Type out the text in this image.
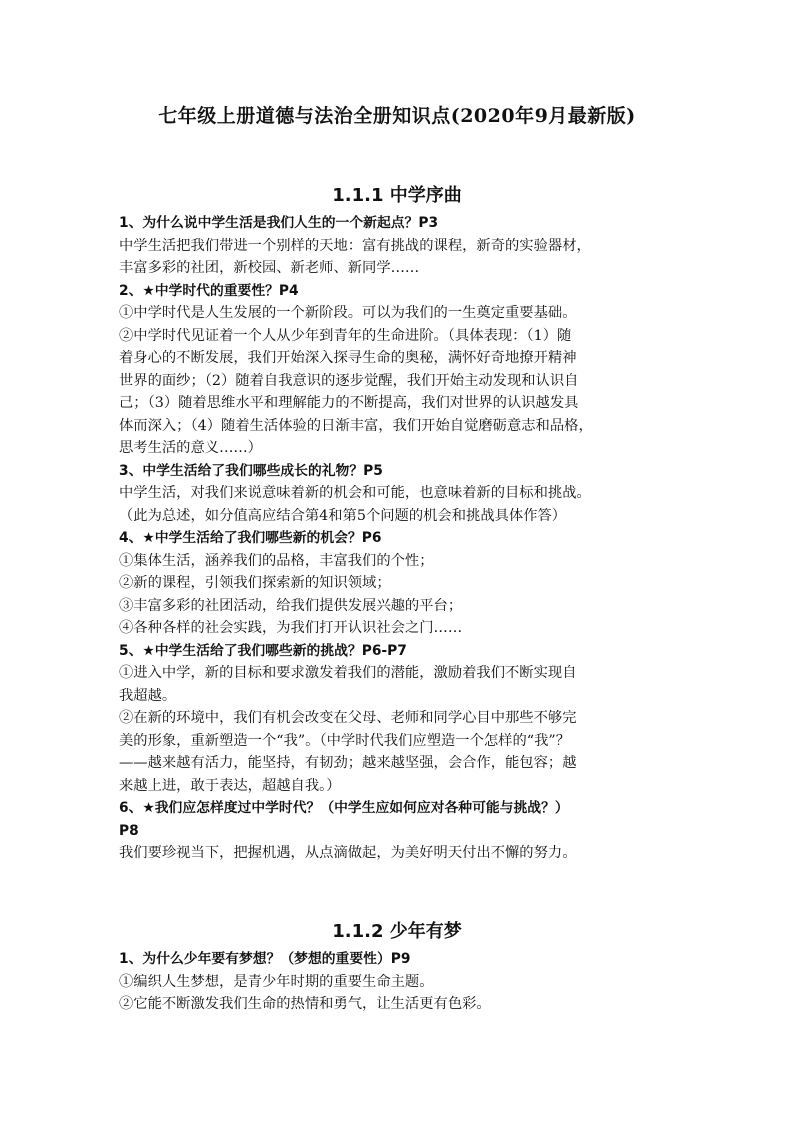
七年级上册道德与法治全册知识点(2020年9月最新版)
1.1.1 中学序曲
1、为什么说中学生活是我们人生的一个新起点？P3
中学生活把我们带进一个别样的天地：富有挑战的课程，新奇的实验器材，
丰富多彩的社团，新校园、新老师、新同学……
2、★中学时代的重要性？P4
①中学时代是人生发展的一个新阶段。可以为我们的一生奠定重要基础。
②中学时代见证着一个人从少年到青年的生命进阶。（具体表现：（1）随
着身心的不断发展，我们开始深入探寻生命的奥秘，满怀好奇地撩开精神
世界的面纱；（2）随着自我意识的逐步觉醒，我们开始主动发现和认识自
己；（3）随着思维水平和理解能力的不断提高，我们对世界的认识越发具
体而深入；（4）随着生活体验的日渐丰富，我们开始自觉磨砺意志和品格，
思考生活的意义……）
3、中学生活给了我们哪些成长的礼物？P5
中学生活，对我们来说意味着新的机会和可能，也意味着新的目标和挑战。
（此为总述，如分值高应结合第4和第5个问题的机会和挑战具体作答）
4、★中学生活给了我们哪些新的机会？P6
①集体生活，涵养我们的品格，丰富我们的个性；
②新的课程，引领我们探索新的知识领域；
③丰富多彩的社团活动，给我们提供发展兴趣的平台；
④各种各样的社会实践，为我们打开认识社会之门……
5、★中学生活给了我们哪些新的挑战？P6-P7
①进入中学，新的目标和要求激发着我们的潜能，激励着我们不断实现自
我超越。
②在新的环境中，我们有机会改变在父母、老师和同学心目中那些不够完
美的形象，重新塑造一个“我”。（中学时代我们应塑造一个怎样的“我”？
——越来越有活力，能坚持，有韧劲；越来越坚强，会合作，能包容；越
来越上进，敢于表达，超越自我。）
6、★我们应怎样度过中学时代？（中学生应如何应对各种可能与挑战？）
P8
我们要珍视当下，把握机遇，从点滴做起，为美好明天付出不懈的努力。
1.1.2 少年有梦
1、为什么少年要有梦想？（梦想的重要性）P9
①编织人生梦想，是青少年时期的重要生命主题。
②它能不断激发我们生命的热情和勇气，让生活更有色彩。
